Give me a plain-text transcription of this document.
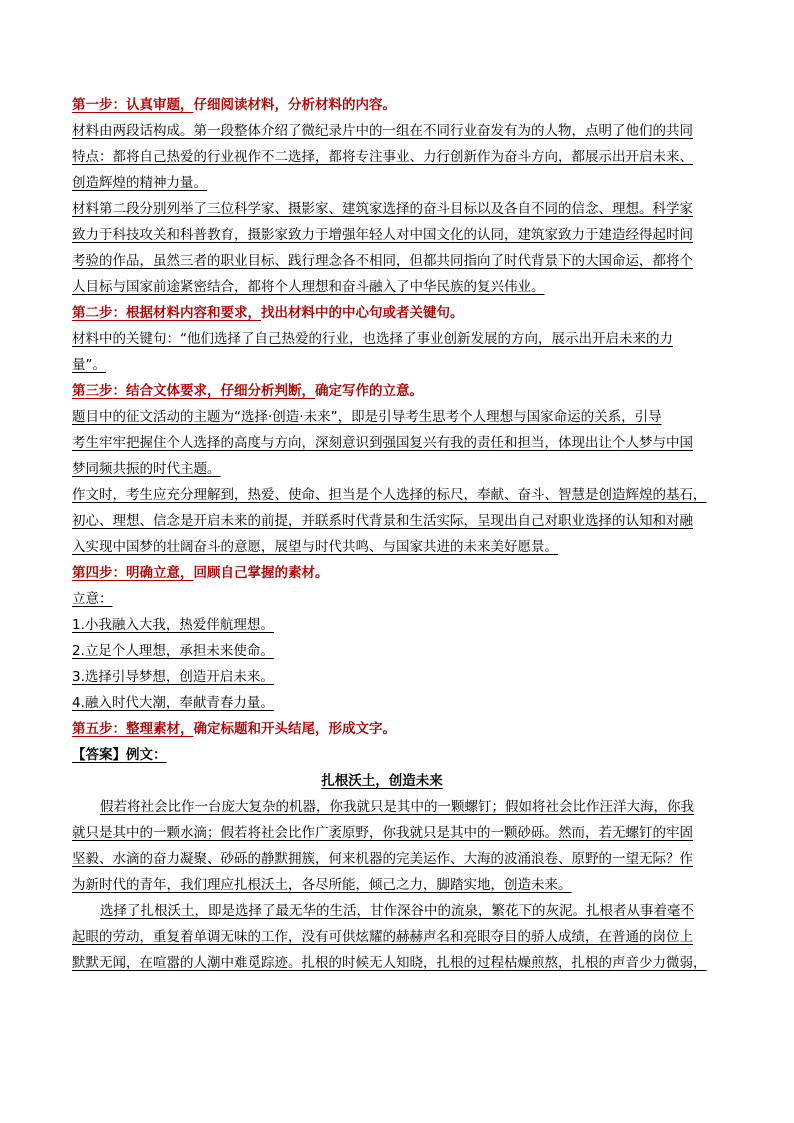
第一步：认真审题，仔细阅读材料，分析材料的内容。
材料由两段话构成。第一段整体介绍了微纪录片中的一组在不同行业奋发有为的人物，点明了他们的共同
特点：都将自己热爱的行业视作不二选择，都将专注事业、力行创新作为奋斗方向，都展示出开启未来、
创造辉煌的精神力量。
材料第二段分别列举了三位科学家、摄影家、建筑家选择的奋斗目标以及各自不同的信念、理想。科学家
致力于科技攻关和科普教育，摄影家致力于增强年轻人对中国文化的认同，建筑家致力于建造经得起时间
考验的作品，虽然三者的职业目标、践行理念各不相同，但都共同指向了时代背景下的大国命运，都将个
人目标与国家前途紧密结合，都将个人理想和奋斗融入了中华民族的复兴伟业。
第二步：根据材料内容和要求，找出材料中的中心句或者关键句。
材料中的关键句：“他们选择了自己热爱的行业，也选择了事业创新发展的方向，展示出开启未来的力
量”。
第三步：结合文体要求，仔细分析判断，确定写作的立意。
题目中的征文活动的主题为“选择·创造·未来”，即是引导考生思考个人理想与国家命运的关系，引导
考生牢牢把握住个人选择的高度与方向，深刻意识到强国复兴有我的责任和担当，体现出让个人梦与中国
梦同频共振的时代主题。
作文时，考生应充分理解到，热爱、使命、担当是个人选择的标尺，奉献、奋斗、智慧是创造辉煌的基石，
初心、理想、信念是开启未来的前提，并联系时代背景和生活实际，呈现出自己对职业选择的认知和对融
入实现中国梦的壮阔奋斗的意愿，展望与时代共鸣、与国家共进的未来美好愿景。
第四步：明确立意，回顾自己掌握的素材。
立意：
1.小我融入大我，热爱伴航理想。
2.立足个人理想，承担未来使命。
3.选择引导梦想，创造开启未来。
4.融入时代大潮，奉献青春力量。
第五步：整理素材，确定标题和开头结尾，形成文字。
【答案】例文：
扎根沃土，创造未来
假若将社会比作一台庞大复杂的机器，你我就只是其中的一颗螺钉；假如将社会比作汪洋大海，你我
就只是其中的一颗水滴；假若将社会比作广袤原野，你我就只是其中的一颗砂砾。然而，若无螺钉的牢固
坚毅、水滴的奋力凝聚、砂砾的静默拥簇，何来机器的完美运作、大海的波涌浪卷、原野的一望无际？作
为新时代的青年，我们理应扎根沃土，各尽所能，倾己之力，脚踏实地，创造未来。
选择了扎根沃土，即是选择了最无华的生活，甘作深谷中的流泉，繁花下的灰泥。扎根者从事着毫不
起眼的劳动，重复着单调无味的工作，没有可供炫耀的赫赫声名和亮眼夺目的骄人成绩，在普通的岗位上
默默无闻，在喧嚣的人潮中难觅踪迹。扎根的时候无人知晓，扎根的过程枯燥煎熬，扎根的声音少力微弱，
